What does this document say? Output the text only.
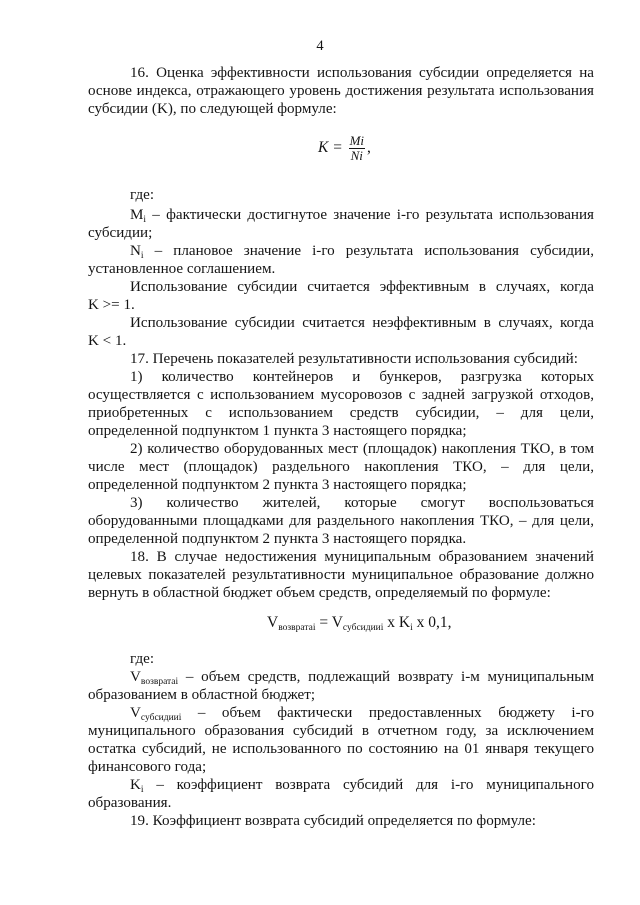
4

16. Оценка эффективности использования субсидии определяется на

основе индекса, отражающего уровень достижения результата использования

субсидии (K), по следующей формуле:

$K = \frac{Mi}{Ni}$ ,

где:

$M_i$ – фактически достигнутое значение i-го результата использования

субсидии;

$N_i$ – плановое значение i-го результата использования субсидии,

установленное соглашением.

Использование субсидии считается эффективным в случаях, когда

K >= 1.

Использование субсидии считается неэффективным в случаях, когда

K < 1.

17. Перечень показателей результативности использования субсидий:

1) количество контейнеров и бункеров, разгрузка которых

осуществляется с использованием мусоровозов с задней загрузкой отходов,

приобретенных с использованием средств субсидии, – для цели,

определенной подпунктом 1 пункта 3 настоящего порядка;

2) количество оборудованных мест (площадок) накопления ТКО, в том

числе мест (площадок) раздельного накопления ТКО, – для цели,

определенной подпунктом 2 пункта 3 настоящего порядка;

3) количество жителей, которые смогут воспользоваться

оборудованными площадками для раздельного накопления ТКО, – для цели,

определенной подпунктом 2 пункта 3 настоящего порядка.

18. В случае недостижения муниципальным образованием значений

целевых показателей результативности муниципальное образование должно

вернуть в областной бюджет объем средств, определяемый по формуле:

$V_{возвратаi} = V_{субсидииi}$ x $K_i$ x 0,1,

где:

$V_{возвратаi}$ – объем средств, подлежащий возврату i-м муниципальным

образованием в областной бюджет;

$V_{субсидииi}$ – объем фактически предоставленных бюджету i-го

муниципального образования субсидий в отчетном году, за исключением

остатка субсидий, не использованного по состоянию на 01 января текущего

финансового года;

$K_i$ – коэффициент возврата субсидий для i-го муниципального

образования.

19. Коэффициент возврата субсидий определяется по формуле:
